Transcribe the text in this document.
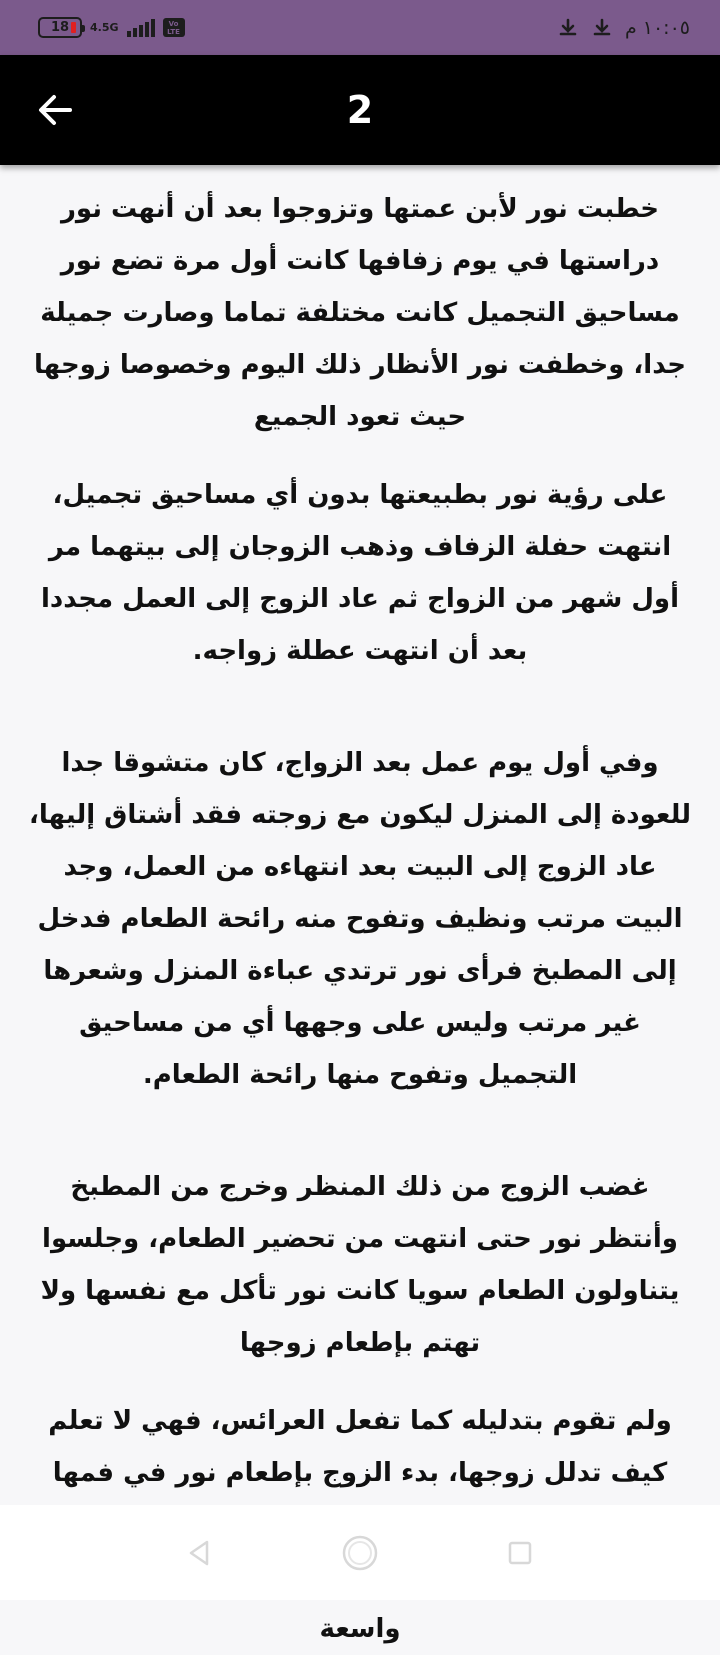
18 4.5G	Vo
LTE	١٠:٠٥ م
2

خطبت نور لأبن عمتها وتزوجوا بعد أن أنهت نور دراستها في يوم زفافها كانت أول مرة تضع نور مساحيق التجميل كانت مختلفة تماما وصارت جميلة جدا، وخطفت نور الأنظار ذلك اليوم وخصوصا زوجها حيث تعود الجميع

على رؤية نور بطبيعتها بدون أي مساحيق تجميل، انتهت حفلة الزفاف وذهب الزوجان إلى بيتهما مر أول شهر من الزواج ثم عاد الزوج إلى العمل مجددا بعد أن انتهت عطلة زواجه.

وفي أول يوم عمل بعد الزواج، كان متشوقا جدا للعودة إلى المنزل ليكون مع زوجته فقد أشتاق إليها، عاد الزوج إلى البيت بعد انتهاءه من العمل، وجد البيت مرتب ونظيف وتفوح منه رائحة الطعام فدخل إلى المطبخ فرأى نور ترتدي عباءة المنزل وشعرها غير مرتب وليس على وجهها أي من مساحيق التجميل وتفوح منها رائحة الطعام.

غضب الزوج من ذلك المنظر وخرج من المطبخ وأنتظر نور حتى انتهت من تحضير الطعام، وجلسوا يتناولون الطعام سويا كانت نور تأكل مع نفسها ولا تهتم بإطعام زوجها

ولم تقوم بتدليله كما تفعل العرائس، فهي لا تعلم كيف تدلل زوجها، بدء الزوج بإطعام نور في فمها

واسعة
